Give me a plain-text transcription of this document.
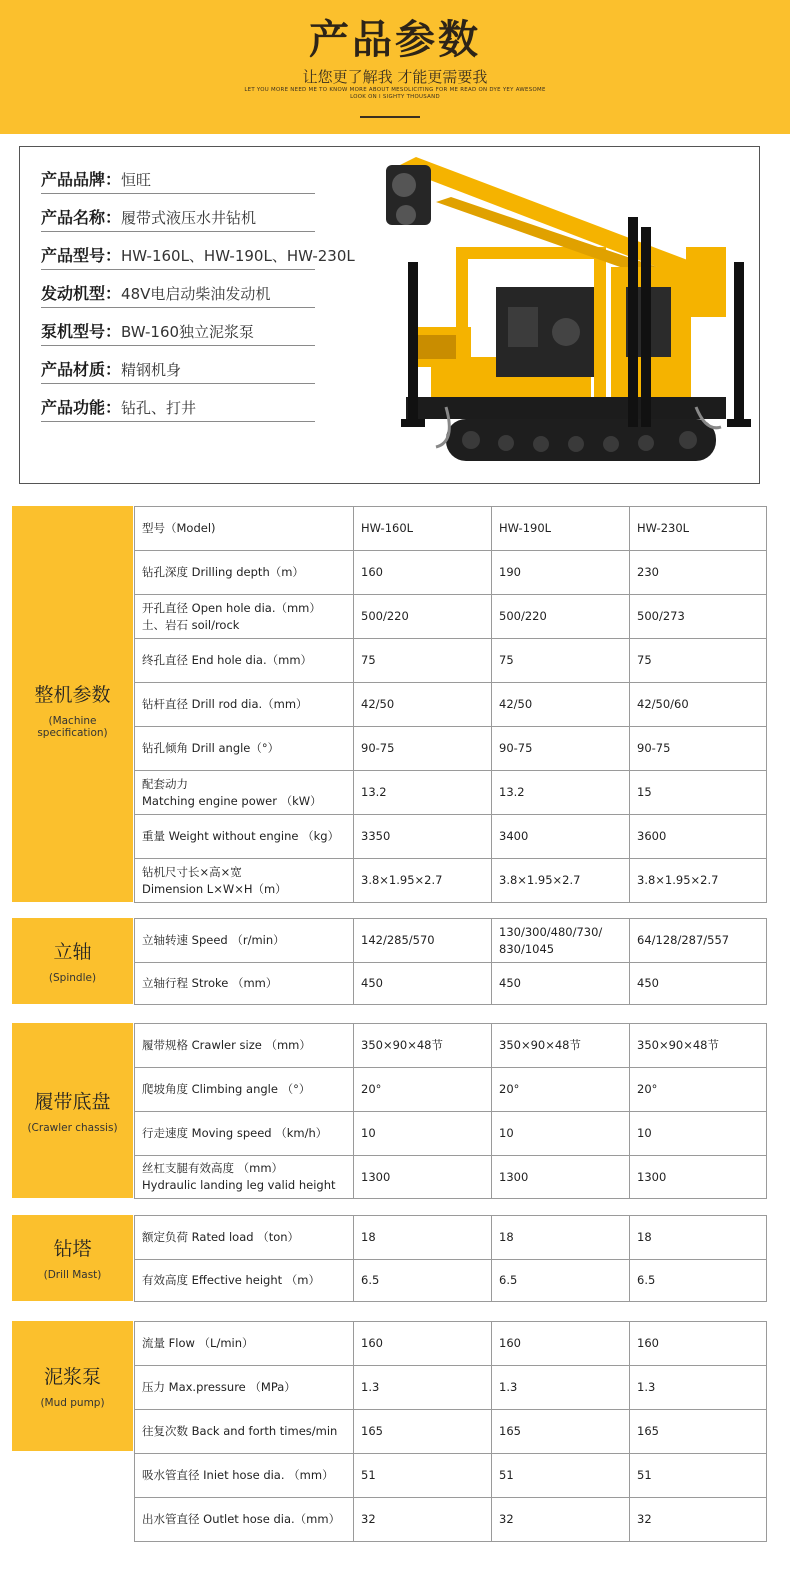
产品参数
让您更了解我 才能更需要我
LET YOU MORE NEED ME TO KNOW MORE ABOUT MESOLICITING FOR ME READ ON DYE YEY AWESOME LOOK ON I SIGHTY THOUSAND
产品品牌：恒旺
产品名称：履带式液压水井钻机
产品型号：HW-160L、HW-190L、HW-230L
发动机型：48V电启动柴油发动机
泵机型号：BW-160独立泥浆泵
产品材质：精钢机身
产品功能：钻孔、打井
整机参数
(Machine specification)
型号（Model)	HW-160L	HW-190L	HW-230L
钻孔深度 Drilling depth（m）	160	190	230
开孔直径 Open hole dia.（mm）
土、岩石 soil/rock	500/220	500/220	500/273
终孔直径 End hole dia.（mm）	75	75	75
钻杆直径 Drill rod dia.（mm）	42/50	42/50	42/50/60
钻孔倾角 Drill angle（°）	90-75	90-75	90-75
配套动力
Matching engine power （kW）	13.2	13.2	15
重量 Weight without engine （kg）	3350	3400	3600
钻机尺寸长×高×宽
Dimension L×W×H（m）	3.8×1.95×2.7	3.8×1.95×2.7	3.8×1.95×2.7
立轴
(Spindle)
立轴转速 Speed （r/min）	142/285/570	130/300/480/730/
830/1045	64/128/287/557
立轴行程 Stroke （mm）	450	450	450
履带底盘
(Crawler chassis)
履带规格 Crawler size （mm）	350×90×48节	350×90×48节	350×90×48节
爬坡角度 Climbing angle （°）	20°	20°	20°
行走速度 Moving speed （km/h）	10	10	10
丝杠支腿有效高度 （mm）
Hydraulic landing leg valid height	1300	1300	1300
钻塔
(Drill Mast)
额定负荷 Rated load （ton）	18	18	18
有效高度 Effective height （m）	6.5	6.5	6.5
泥浆泵
(Mud pump)
流量 Flow （L/min）	160	160	160
压力 Max.pressure （MPa）	1.3	1.3	1.3
往复次数 Back and forth times/min	165	165	165
吸水管直径 Iniet hose dia. （mm）	51	51	51
出水管直径 Outlet hose dia.（mm）	32	32	32
